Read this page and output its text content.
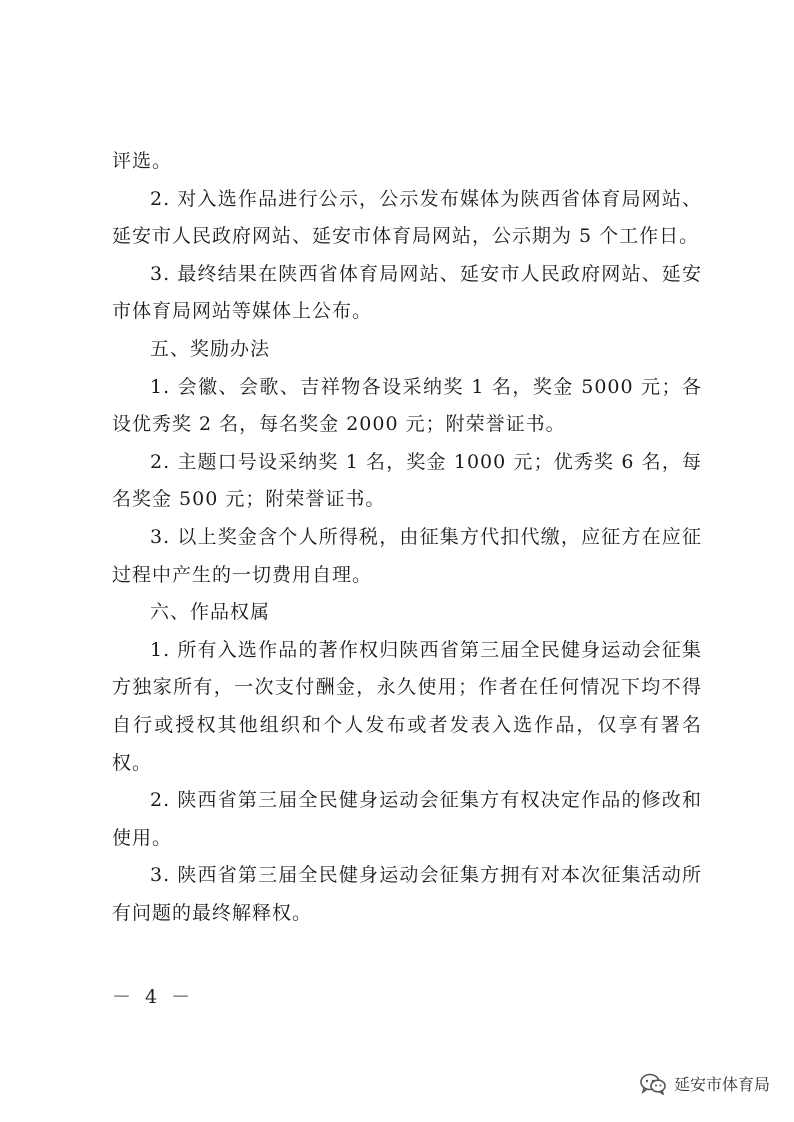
评选。

2. 对入选作品进行公示，公示发布媒体为陕西省体育局网站、延安市人民政府网站、延安市体育局网站，公示期为 5 个工作日。

3. 最终结果在陕西省体育局网站、延安市人民政府网站、延安市体育局网站等媒体上公布。

五、奖励办法

1. 会徽、会歌、吉祥物各设采纳奖 1 名，奖金 5000 元；各设优秀奖 2 名，每名奖金 2000 元；附荣誉证书。

2. 主题口号设采纳奖 1 名，奖金 1000 元；优秀奖 6 名，每名奖金 500 元；附荣誉证书。

3. 以上奖金含个人所得税，由征集方代扣代缴，应征方在应征过程中产生的一切费用自理。

六、作品权属

1. 所有入选作品的著作权归陕西省第三届全民健身运动会征集方独家所有，一次支付酬金，永久使用；作者在任何情况下均不得自行或授权其他组织和个人发布或者发表入选作品，仅享有署名权。

2. 陕西省第三届全民健身运动会征集方有权决定作品的修改和使用。

3. 陕西省第三届全民健身运动会征集方拥有对本次征集活动所有问题的最终解释权。

－ 4 －
延安市体育局
